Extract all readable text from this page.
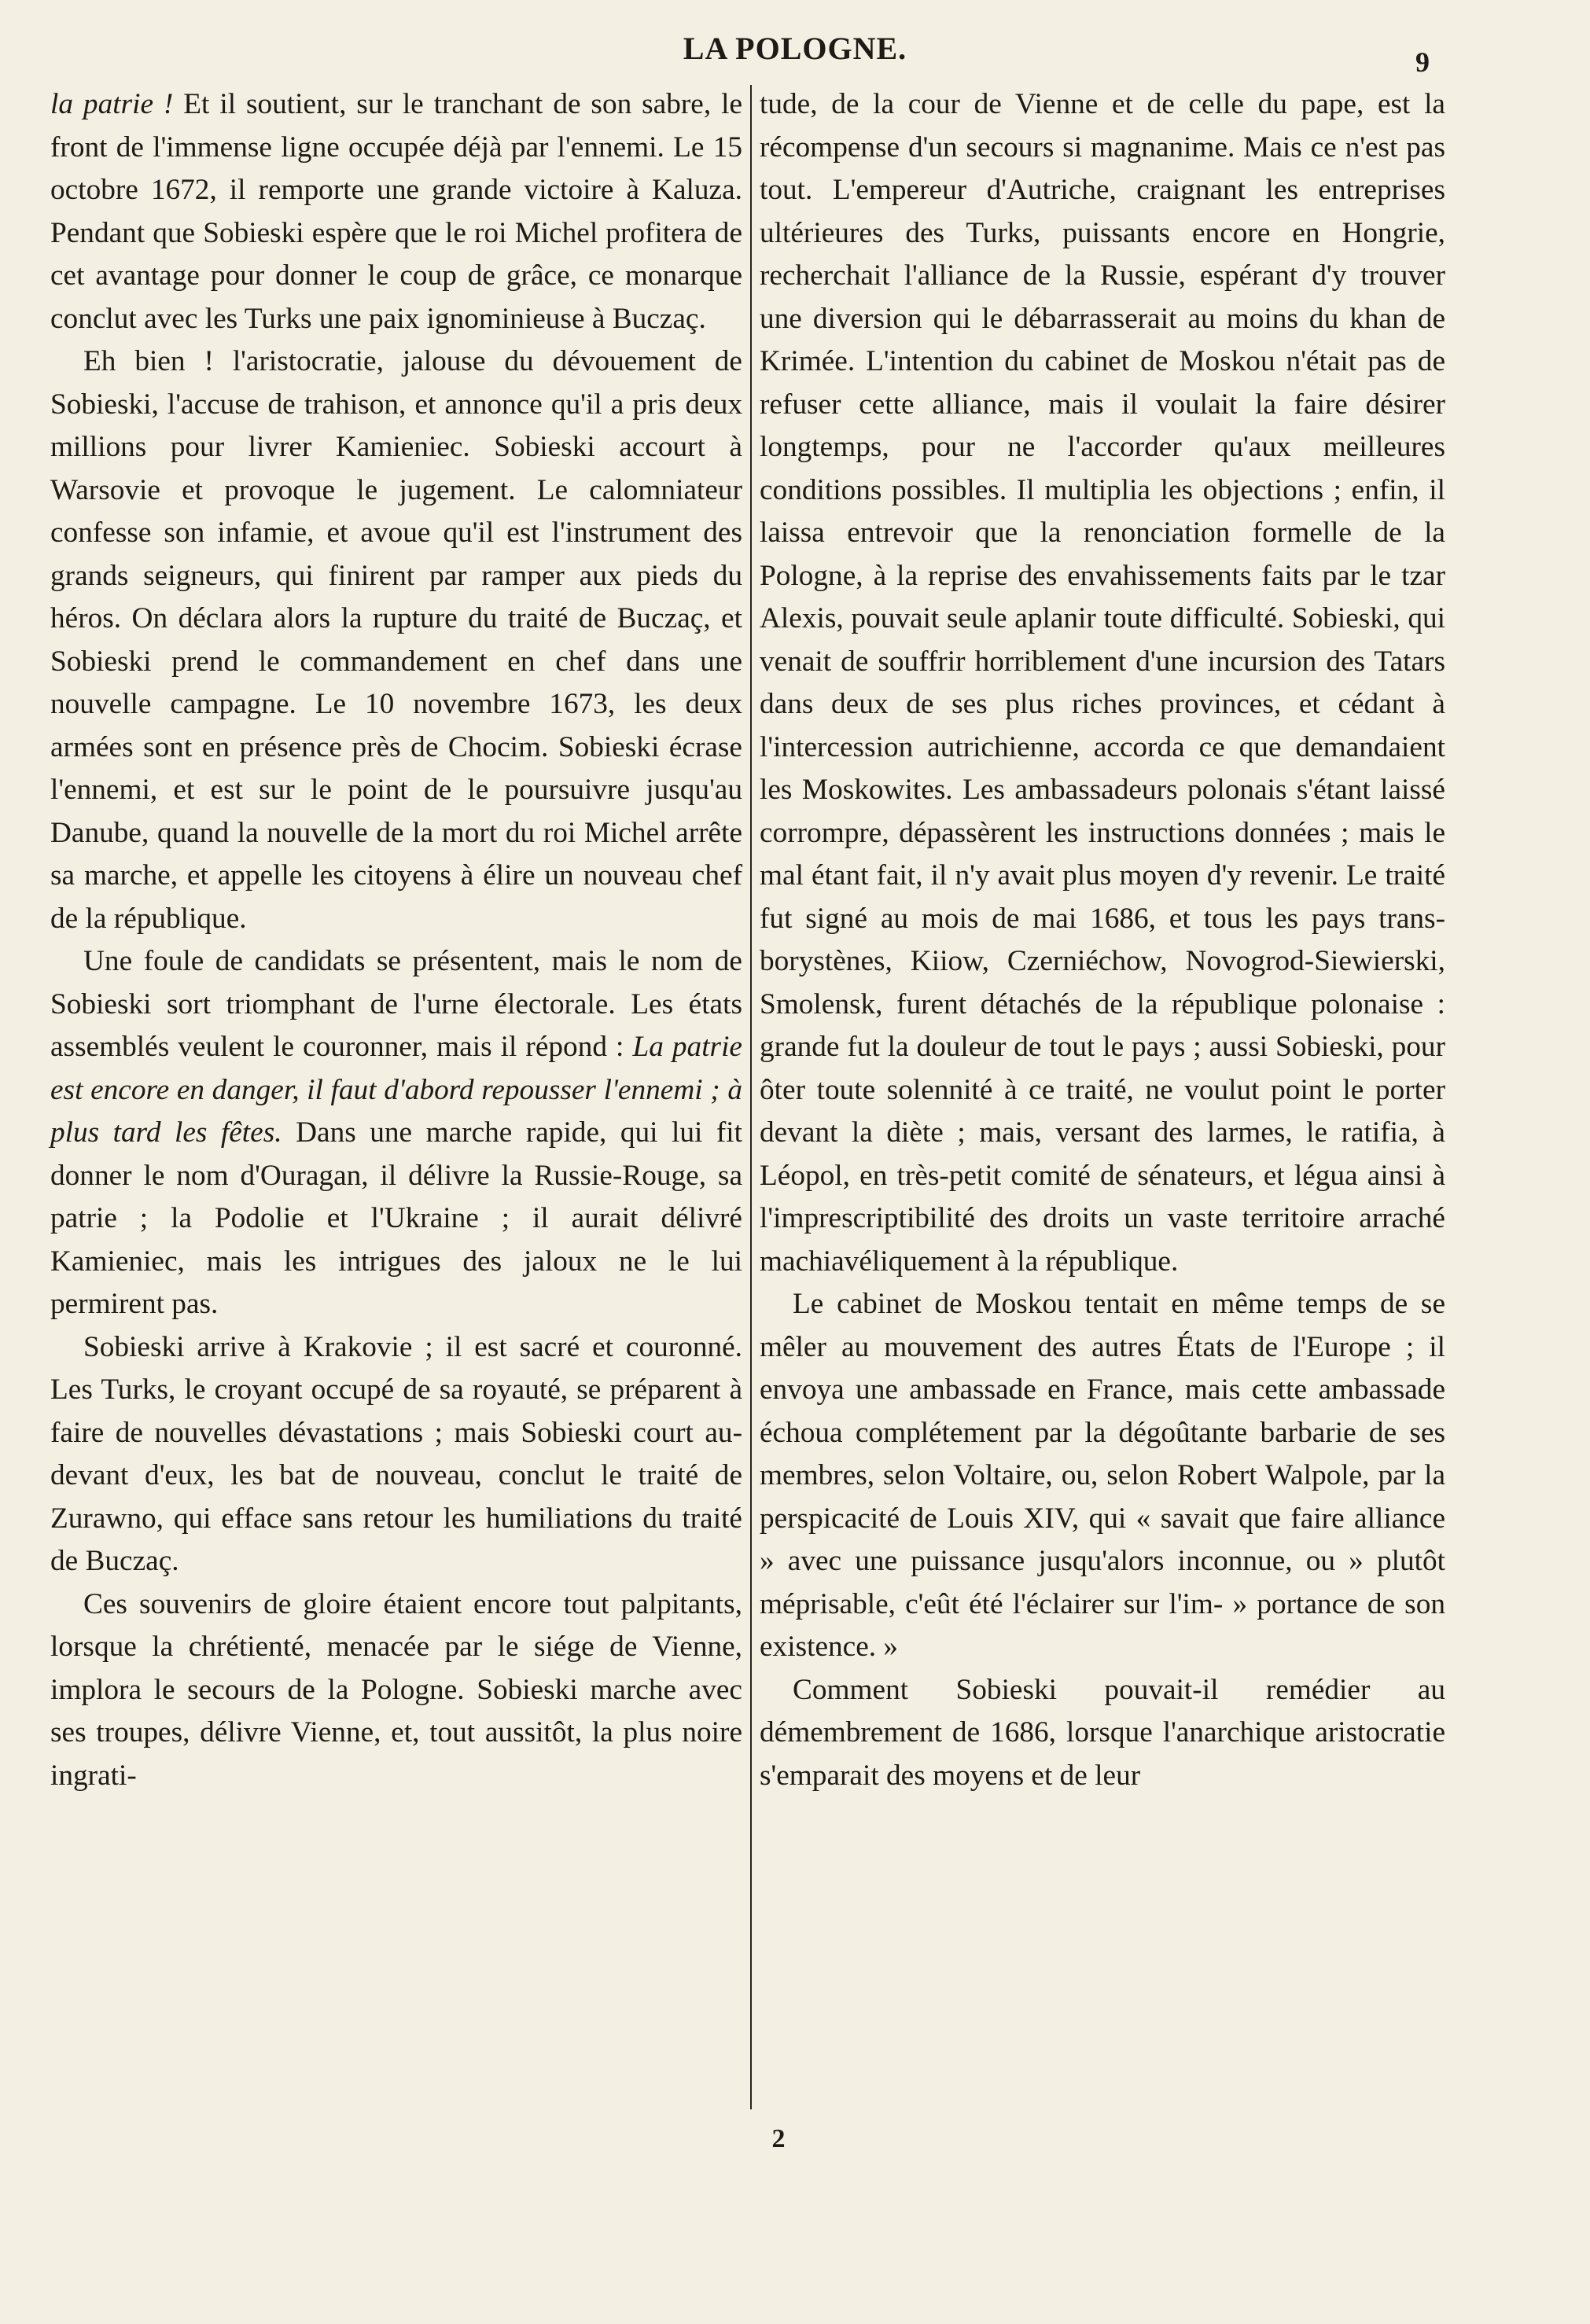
LA POLOGNE.	9

la patrie ! Et il soutient, sur le tranchant de son sabre, le front de l'immense ligne occupée déjà par l'ennemi. Le 15 octobre 1672, il remporte une grande victoire à Kaluza. Pendant que Sobieski espère que le roi Michel profitera de cet avantage pour donner le coup de grâce, ce monarque conclut avec les Turks une paix ignominieuse à Buczaç.

Eh bien ! l'aristocratie, jalouse du dévouement de Sobieski, l'accuse de trahison, et annonce qu'il a pris deux millions pour livrer Kamieniec. Sobieski accourt à Warsovie et provoque le jugement. Le calomniateur confesse son infamie, et avoue qu'il est l'instrument des grands seigneurs, qui finirent par ramper aux pieds du héros. On déclara alors la rupture du traité de Buczaç, et Sobieski prend le commandement en chef dans une nouvelle campagne. Le 10 novembre 1673, les deux armées sont en présence près de Chocim. Sobieski écrase l'ennemi, et est sur le point de le poursuivre jusqu'au Danube, quand la nouvelle de la mort du roi Michel arrête sa marche, et appelle les citoyens à élire un nouveau chef de la république.

Une foule de candidats se présentent, mais le nom de Sobieski sort triomphant de l'urne électorale. Les états assemblés veulent le couronner, mais il répond : La patrie est encore en danger, il faut d'abord repousser l'ennemi ; à plus tard les fêtes. Dans une marche rapide, qui lui fit donner le nom d'Ouragan, il délivre la Russie-Rouge, sa patrie ; la Podolie et l'Ukraine ; il aurait délivré Kamieniec, mais les intrigues des jaloux ne le lui permirent pas.

Sobieski arrive à Krakovie ; il est sacré et couronné. Les Turks, le croyant occupé de sa royauté, se préparent à faire de nouvelles dévastations ; mais Sobieski court au-devant d'eux, les bat de nouveau, conclut le traité de Zurawno, qui efface sans retour les humiliations du traité de Buczaç.

Ces souvenirs de gloire étaient encore tout palpitants, lorsque la chrétienté, menacée par le siége de Vienne, implora le secours de la Pologne. Sobieski marche avec ses troupes, délivre Vienne, et, tout aussitôt, la plus noire ingrati-

tude, de la cour de Vienne et de celle du pape, est la récompense d'un secours si magnanime. Mais ce n'est pas tout. L'empereur d'Autriche, craignant les entreprises ultérieures des Turks, puissants encore en Hongrie, recherchait l'alliance de la Russie, espérant d'y trouver une diversion qui le débarrasserait au moins du khan de Krimée. L'intention du cabinet de Moskou n'était pas de refuser cette alliance, mais il voulait la faire désirer longtemps, pour ne l'accorder qu'aux meilleures conditions possibles. Il multiplia les objections ; enfin, il laissa entrevoir que la renonciation formelle de la Pologne, à la reprise des envahissements faits par le tzar Alexis, pouvait seule aplanir toute difficulté. Sobieski, qui venait de souffrir horriblement d'une incursion des Tatars dans deux de ses plus riches provinces, et cédant à l'intercession autrichienne, accorda ce que demandaient les Moskowites. Les ambassadeurs polonais s'étant laissé corrompre, dépassèrent les instructions données ; mais le mal étant fait, il n'y avait plus moyen d'y revenir. Le traité fut signé au mois de mai 1686, et tous les pays trans-borystènes, Kiiow, Czerniéchow, Novogrod-Siewierski, Smolensk, furent détachés de la république polonaise : grande fut la douleur de tout le pays ; aussi Sobieski, pour ôter toute solennité à ce traité, ne voulut point le porter devant la diète ; mais, versant des larmes, le ratifia, à Léopol, en très-petit comité de sénateurs, et légua ainsi à l'imprescriptibilité des droits un vaste territoire arraché machiavéliquement à la république.

Le cabinet de Moskou tentait en même temps de se mêler au mouvement des autres États de l'Europe ; il envoya une ambassade en France, mais cette ambassade échoua complétement par la dégoûtante barbarie de ses membres, selon Voltaire, ou, selon Robert Walpole, par la perspicacité de Louis XIV, qui « savait que faire alliance » avec une puissance jusqu'alors inconnue, ou » plutôt méprisable, c'eût été l'éclairer sur l'im- » portance de son existence. »

Comment Sobieski pouvait-il remédier au démembrement de 1686, lorsque l'anarchique aristocratie s'emparait des moyens et de leur

2
